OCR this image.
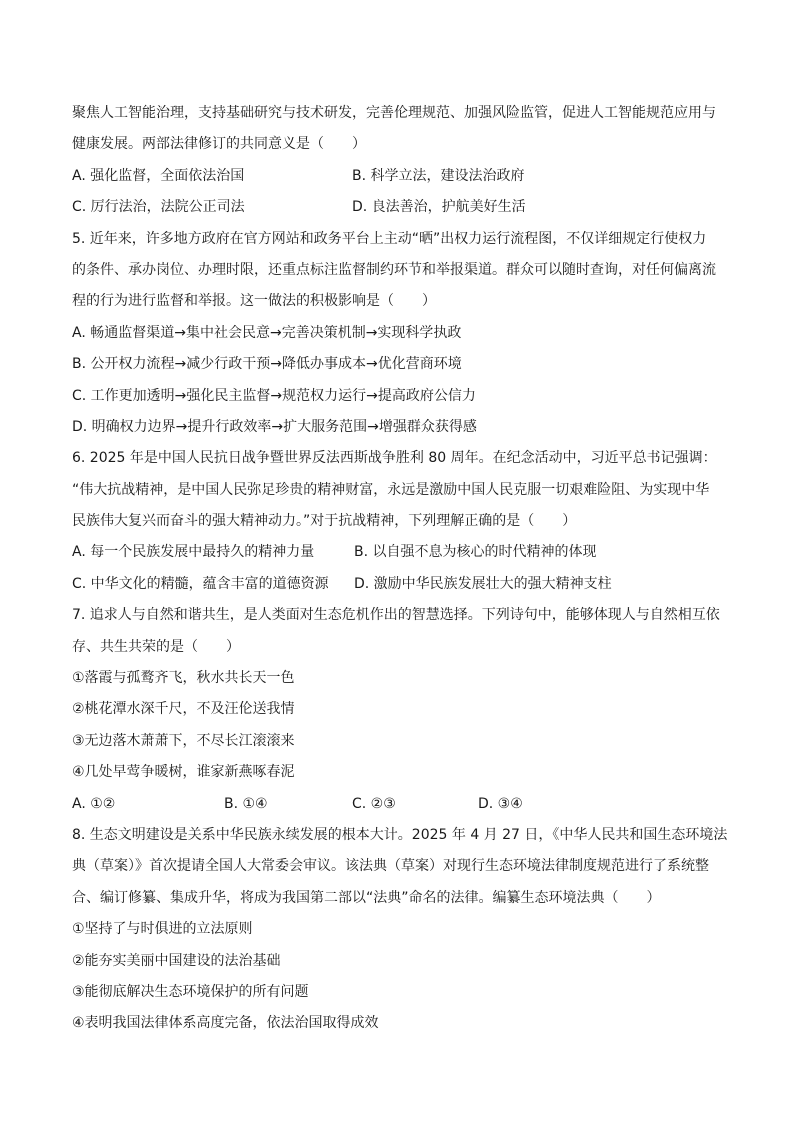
聚焦人工智能治理，支持基础研究与技术研发，完善伦理规范、加强风险监管，促进人工智能规范应用与
健康发展。两部法律修订的共同意义是（　　）
A. 强化监督，全面依法治国	B. 科学立法，建设法治政府
C. 厉行法治，法院公正司法	D. 良法善治，护航美好生活
5. 近年来，许多地方政府在官方网站和政务平台上主动“晒”出权力运行流程图，不仅详细规定行使权力
的条件、承办岗位、办理时限，还重点标注监督制约环节和举报渠道。群众可以随时查询，对任何偏离流
程的行为进行监督和举报。这一做法的积极影响是（　　）
A. 畅通监督渠道→集中社会民意→完善决策机制→实现科学执政
B. 公开权力流程→减少行政干预→降低办事成本→优化营商环境
C. 工作更加透明→强化民主监督→规范权力运行→提高政府公信力
D. 明确权力边界→提升行政效率→扩大服务范围→增强群众获得感
6. 2025 年是中国人民抗日战争暨世界反法西斯战争胜利 80 周年。在纪念活动中，习近平总书记强调：
“伟大抗战精神，是中国人民弥足珍贵的精神财富，永远是激励中国人民克服一切艰难险阻、为实现中华
民族伟大复兴而奋斗的强大精神动力。”对于抗战精神，下列理解正确的是（　　）
A. 每一个民族发展中最持久的精神力量	B. 以自强不息为核心的时代精神的体现
C. 中华文化的精髓，蕴含丰富的道德资源 D. 激励中华民族发展壮大的强大精神支柱
7. 追求人与自然和谐共生，是人类面对生态危机作出的智慧选择。下列诗句中，能够体现人与自然相互依
存、共生共荣的是（　　）
①落霞与孤鹜齐飞，秋水共长天一色
②桃花潭水深千尺，不及汪伦送我情
③无边落木萧萧下，不尽长江滚滚来
④几处早莺争暖树，谁家新燕啄春泥
A. ①②	B. ①④	C. ②③	D. ③④
8. 生态文明建设是关系中华民族永续发展的根本大计。2025 年 4 月 27 日，《中华人民共和国生态环境法
典（草案）》首次提请全国人大常委会审议。该法典（草案）对现行生态环境法律制度规范进行了系统整
合、编订修纂、集成升华，将成为我国第二部以“法典”命名的法律。编纂生态环境法典（　　）
①坚持了与时俱进的立法原则
②能夯实美丽中国建设的法治基础
③能彻底解决生态环境保护的所有问题
④表明我国法律体系高度完备，依法治国取得成效
